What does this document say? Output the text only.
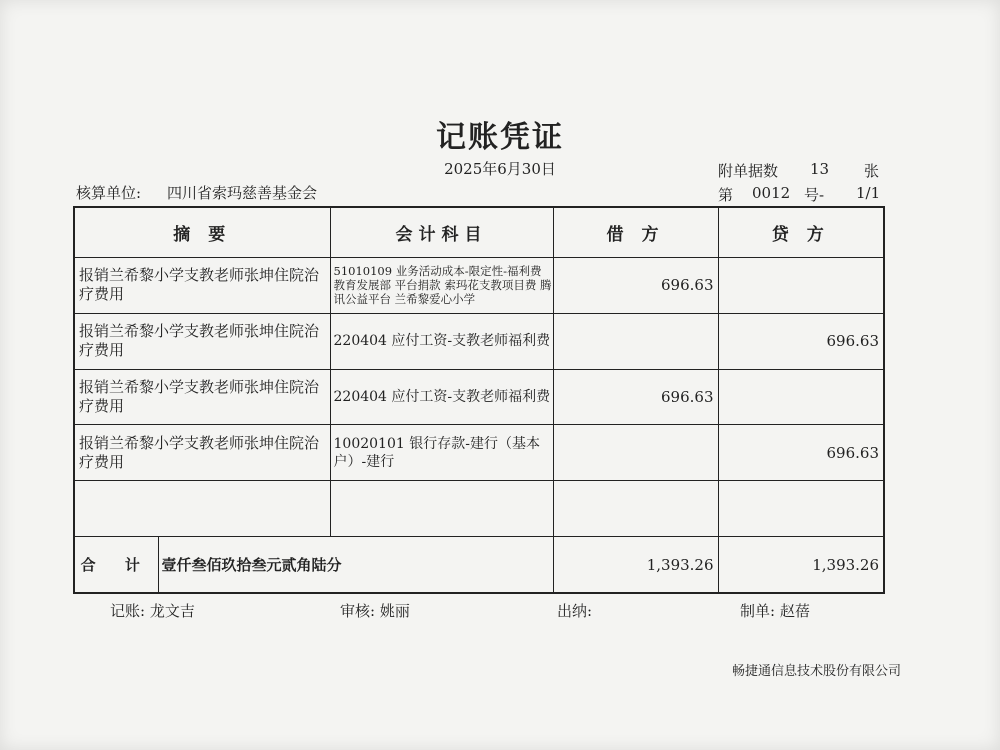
记账凭证
2025年6月30日	附单据数 13 张
核算单位: 四川省索玛慈善基金会	第 0012 号- 1/1
摘 要		会计科目	借 方	贷 方
报销兰希黎小学支教老师张坤住院治疗费用		51010109 业务活动成本-限定性-福利费 教育发展部 平台捐款 索玛花支教项目费 腾讯公益平台 兰希黎爱心小学	696.63	
报销兰希黎小学支教老师张坤住院治疗费用		220404 应付工资-支教老师福利费		696.63
报销兰希黎小学支教老师张坤住院治疗费用		220404 应付工资-支教老师福利费	696.63	
报销兰希黎小学支教老师张坤住院治疗费用		10020101 银行存款-建行（基本户）-建行		696.63

合 计	壹仟叁佰玖拾叁元贰角陆分		1,393.26	1,393.26
记账: 龙文吉	审核: 姚丽	出纳:	制单: 赵蓓
畅捷通信息技术股份有限公司
